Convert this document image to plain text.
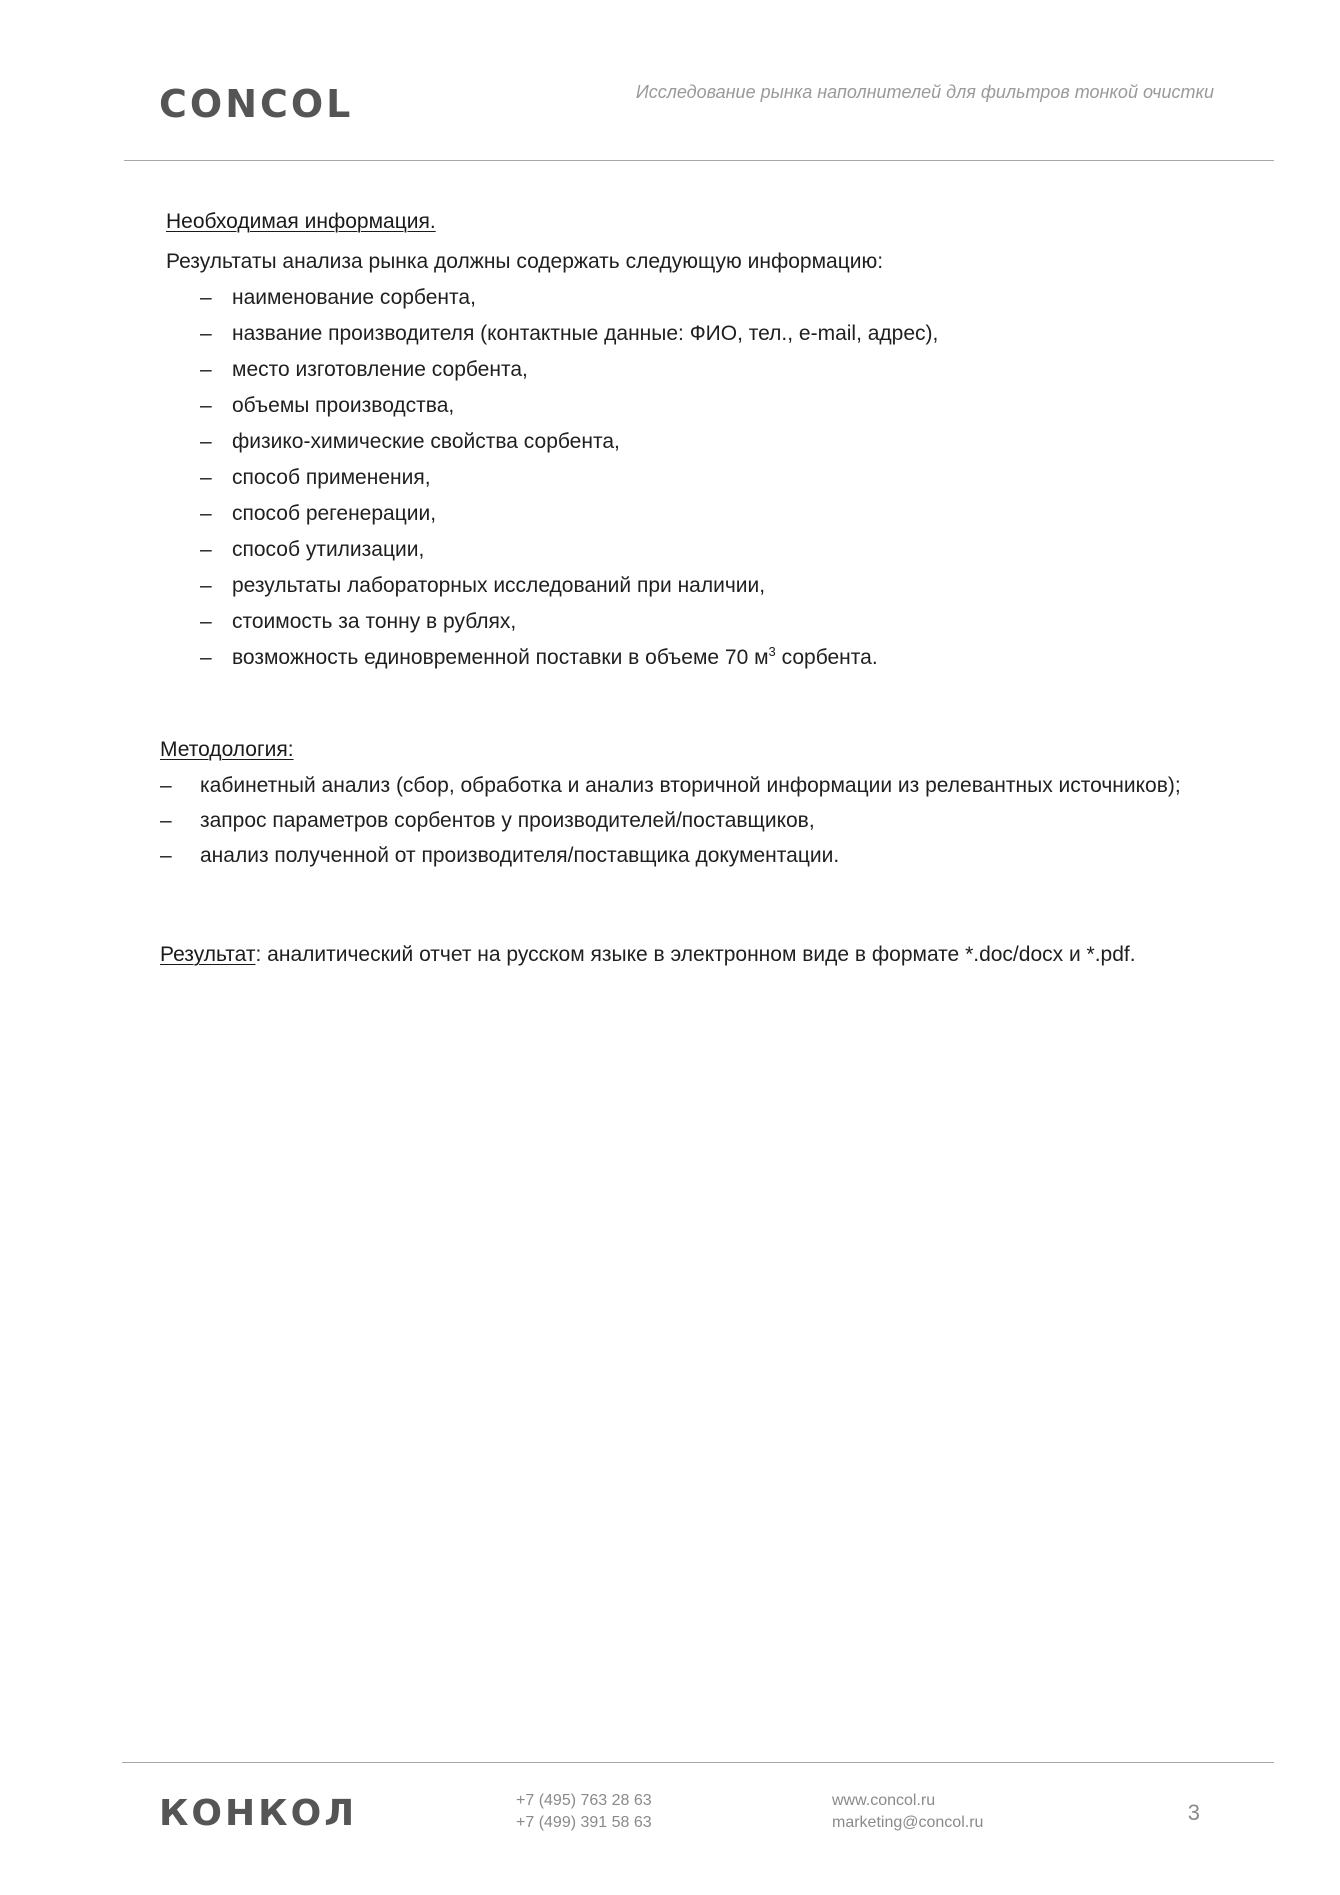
CONCOL	Исследование рынка наполнителей для фильтров тонкой очистки
Необходимая информация.
Результаты анализа рынка должны содержать следующую информацию:
– наименование сорбента,
– название производителя (контактные данные: ФИО, тел., e-mail, адрес),
– место изготовление сорбента,
– объемы производства,
– физико-химические свойства сорбента,
– способ применения,
– способ регенерации,
– способ утилизации,
– результаты лабораторных исследований при наличии,
– стоимость за тонну в рублях,
– возможность единовременной поставки в объеме 70 $м^3$ сорбента.
Методология:
– кабинетный анализ (сбор, обработка и анализ вторичной информации из релевантных источников);
– запрос параметров сорбентов у производителей/поставщиков,
– анализ полученной от производителя/поставщика документации.

Результат: аналитический отчет на русском языке в электронном виде в формате *.doc/docx и *.pdf.

КОНКОЛ	+7 (495) 763 28 63
+7 (499) 391 58 63
www.concol.ru
marketing@concol.ru	3
